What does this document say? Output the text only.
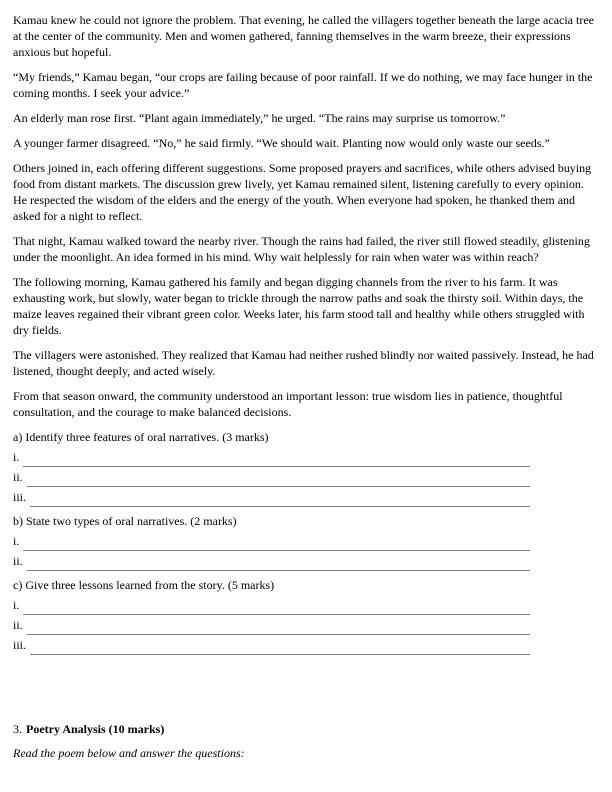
Kamau knew he could not ignore the problem. That evening, he called the villagers together beneath the large acacia tree at the center of the community. Men and women gathered, fanning themselves in the warm breeze, their expressions anxious but hopeful.

“My friends,” Kamau began, “our crops are failing because of poor rainfall. If we do nothing, we may face hunger in the coming months. I seek your advice.”

An elderly man rose first. “Plant again immediately,” he urged. “The rains may surprise us tomorrow.”

A younger farmer disagreed. “No,” he said firmly. “We should wait. Planting now would only waste our seeds.”

Others joined in, each offering different suggestions. Some proposed prayers and sacrifices, while others advised buying food from distant markets. The discussion grew lively, yet Kamau remained silent, listening carefully to every opinion. He respected the wisdom of the elders and the energy of the youth. When everyone had spoken, he thanked them and asked for a night to reflect.

That night, Kamau walked toward the nearby river. Though the rains had failed, the river still flowed steadily, glistening under the moonlight. An idea formed in his mind. Why wait helplessly for rain when water was within reach?

The following morning, Kamau gathered his family and began digging channels from the river to his farm. It was exhausting work, but slowly, water began to trickle through the narrow paths and soak the thirsty soil. Within days, the maize leaves regained their vibrant green color. Weeks later, his farm stood tall and healthy while others struggled with dry fields.

The villagers were astonished. They realized that Kamau had neither rushed blindly nor waited passively. Instead, he had listened, thought deeply, and acted wisely.

From that season onward, the community understood an important lesson: true wisdom lies in patience, thoughtful consultation, and the courage to make balanced decisions.

a) Identify three features of oral narratives. (3 marks)

i.
ii.
iii.

b) State two types of oral narratives. (2 marks)

i.
ii.

c) Give three lessons learned from the story. (5 marks)

i.
ii.
iii.

3. Poetry Analysis (10 marks)

Read the poem below and answer the questions:
